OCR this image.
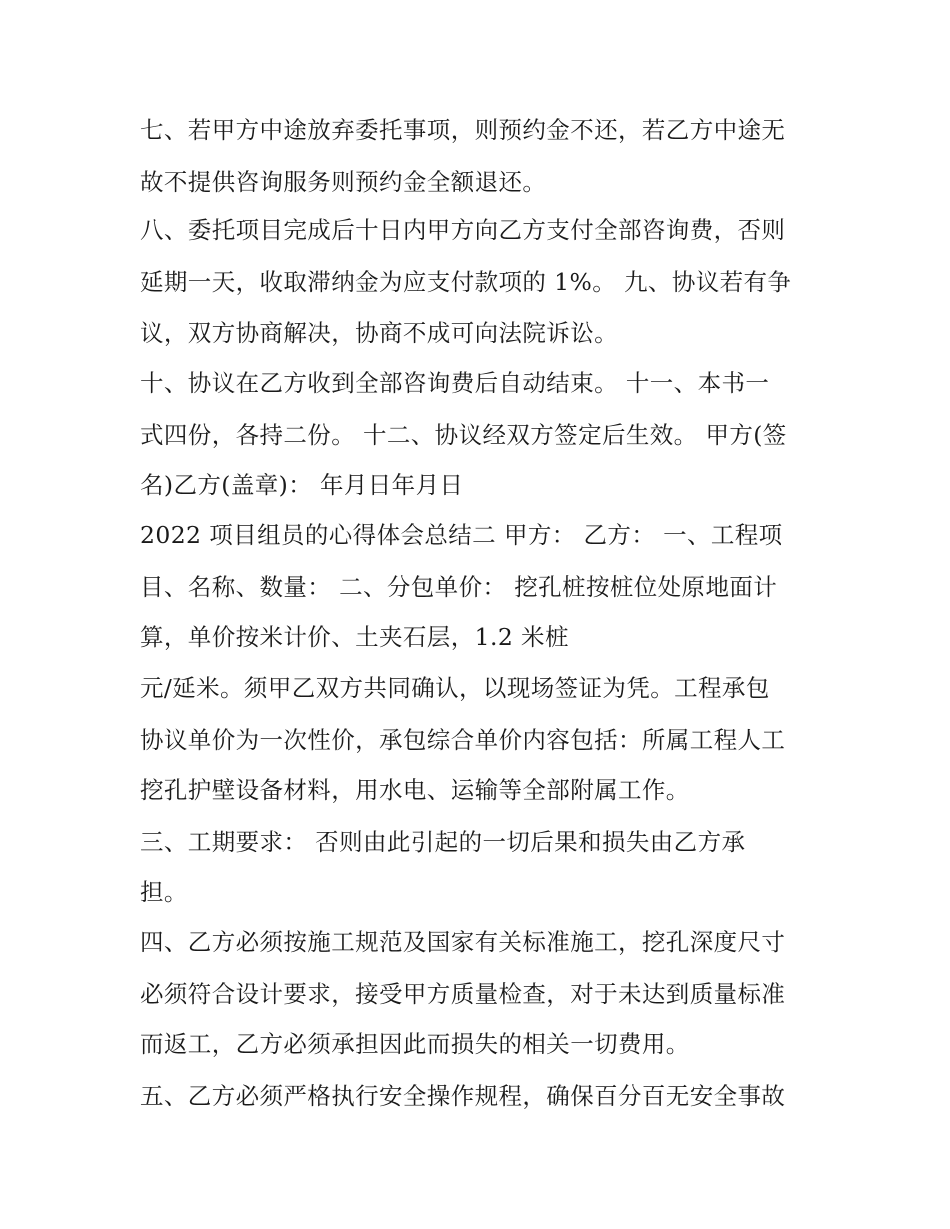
七、若甲方中途放弃委托事项，则预约金不还，若乙方中途无

故不提供咨询服务则预约金全额退还。

八、委托项目完成后十日内甲方向乙方支付全部咨询费，否则

延期一天，收取滞纳金为应支付款项的 1%。 九、协议若有争

议，双方协商解决，协商不成可向法院诉讼。

十、协议在乙方收到全部咨询费后自动结束。 十一、本书一

式四份，各持二份。 十二、协议经双方签定后生效。 甲方(签

名)乙方(盖章)： 年月日年月日

2022 项目组员的心得体会总结二 甲方： 乙方： 一、工程项

目、名称、数量： 二、分包单价： 挖孔桩按桩位处原地面计

算，单价按米计价、土夹石层，1.2 米桩

元/延米。须甲乙双方共同确认，以现场签证为凭。工程承包

协议单价为一次性价，承包综合单价内容包括：所属工程人工

挖孔护壁设备材料，用水电、运输等全部附属工作。

三、工期要求： 否则由此引起的一切后果和损失由乙方承

担。

四、乙方必须按施工规范及国家有关标准施工，挖孔深度尺寸

必须符合设计要求，接受甲方质量检查，对于未达到质量标准

而返工，乙方必须承担因此而损失的相关一切费用。

五、乙方必须严格执行安全操作规程，确保百分百无安全事故
